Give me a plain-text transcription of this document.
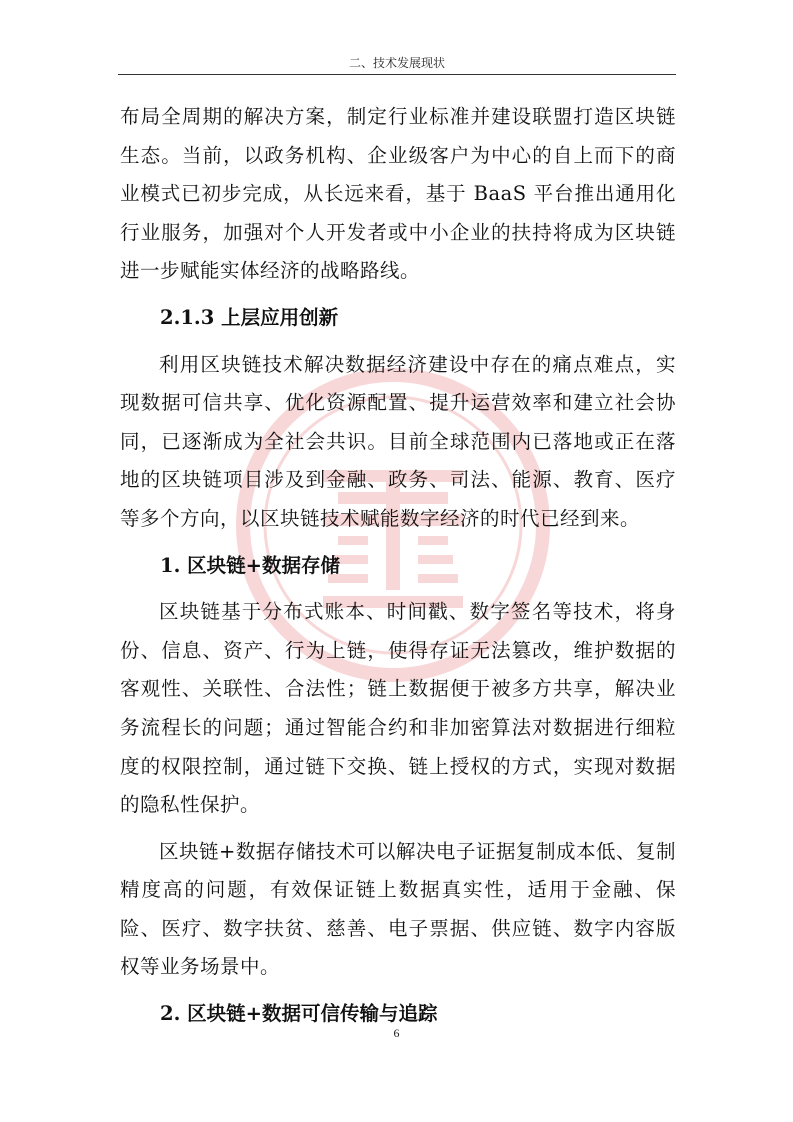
二、技术发展现状

布局全周期的解决方案，制定行业标准并建设联盟打造区块链生态。当前，以政务机构、企业级客户为中心的自上而下的商业模式已初步完成，从长远来看，基于 BaaS 平台推出通用化行业服务，加强对个人开发者或中小企业的扶持将成为区块链进一步赋能实体经济的战略路线。

2.1.3 上层应用创新

利用区块链技术解决数据经济建设中存在的痛点难点，实现数据可信共享、优化资源配置、提升运营效率和建立社会协同，已逐渐成为全社会共识。目前全球范围内已落地或正在落地的区块链项目涉及到金融、政务、司法、能源、教育、医疗等多个方向，以区块链技术赋能数字经济的时代已经到来。

1. 区块链+数据存储

区块链基于分布式账本、时间戳、数字签名等技术，将身份、信息、资产、行为上链，使得存证无法篡改，维护数据的客观性、关联性、合法性；链上数据便于被多方共享，解决业务流程长的问题；通过智能合约和非加密算法对数据进行细粒度的权限控制，通过链下交换、链上授权的方式，实现对数据的隐私性保护。

区块链+数据存储技术可以解决电子证据复制成本低、复制精度高的问题，有效保证链上数据真实性，适用于金融、保险、医疗、数字扶贫、慈善、电子票据、供应链、数字内容版权等业务场景中。

2. 区块链+数据可信传输与追踪
6
